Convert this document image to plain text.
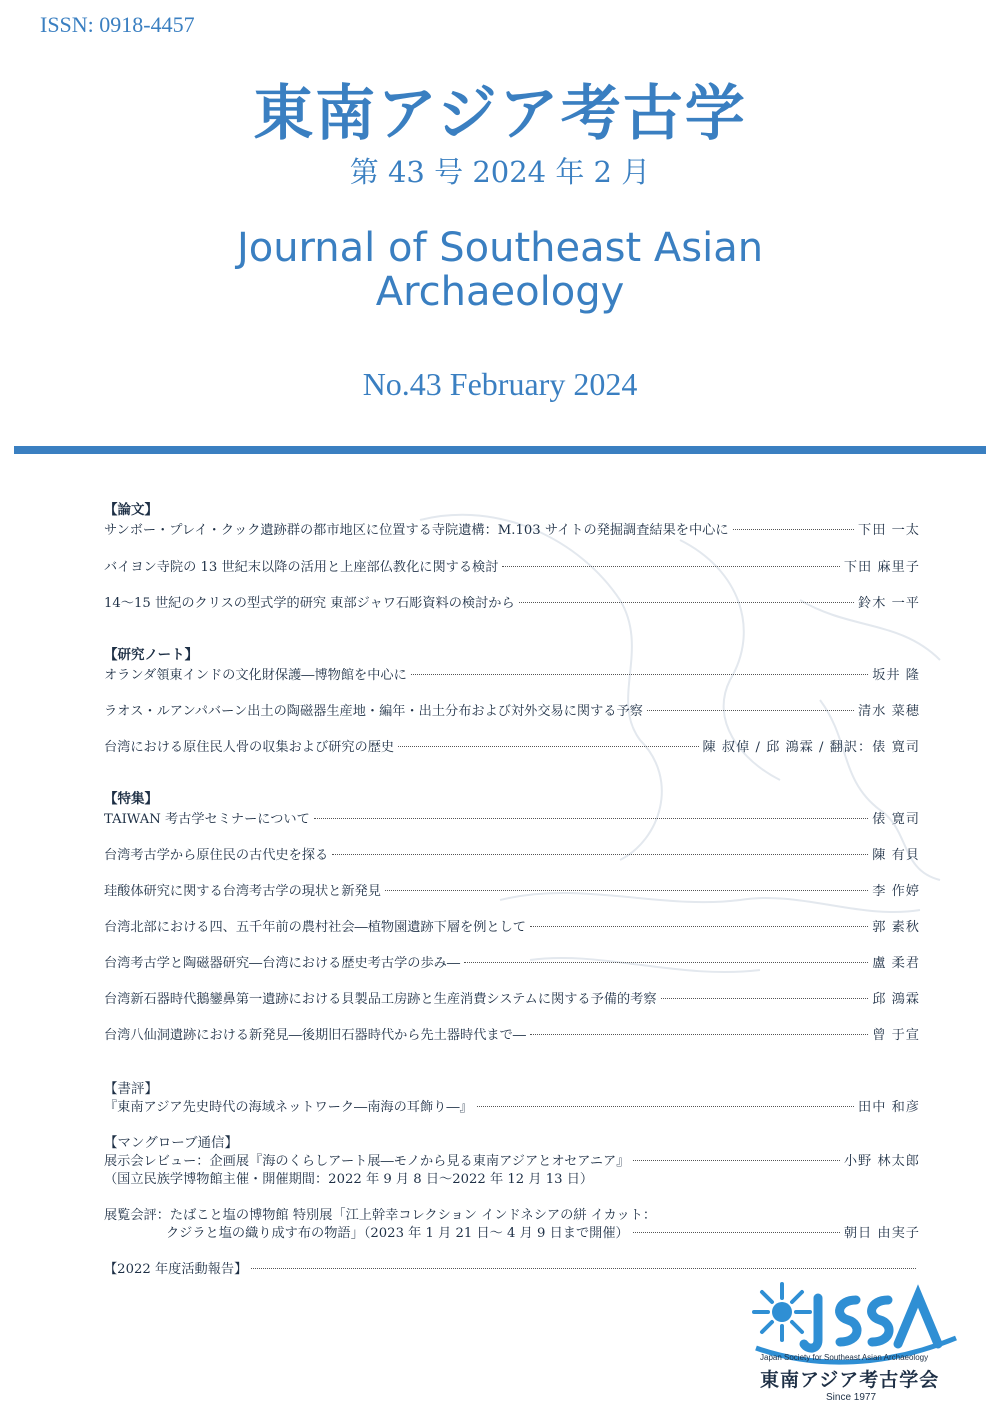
ISSN: 0918-4457
東南アジア考古学
第 43 号 2024 年 2 月
Journal of Southeast Asian
Archaeology
No.43 February 2024
【論文】
サンボー・プレイ・クック遺跡群の都市地区に位置する寺院遺構：M.103 サイトの発掘調査結果を中心に	下田 一太
バイヨン寺院の 13 世紀末以降の活用と上座部仏教化に関する検討	下田 麻里子
14～15 世紀のクリスの型式学的研究 東部ジャワ石彫資料の検討から	鈴木 一平
【研究ノート】
オランダ領東インドの文化財保護―博物館を中心に	坂井 隆
ラオス・ルアンパバーン出土の陶磁器生産地・編年・出土分布および対外交易に関する予察	清水 菜穂
台湾における原住民人骨の収集および研究の歴史	陳 叔倬 / 邱 鴻霖 / 翻訳：俵 寛司
【特集】
TAIWAN 考古学セミナーについて	俵 寛司
台湾考古学から原住民の古代史を探る	陳 有貝
珪酸体研究に関する台湾考古学の現状と新発見	李 作婷
台湾北部における四、五千年前の農村社会―植物園遺跡下層を例として	郭 素秋
台湾考古学と陶磁器研究―台湾における歴史考古学の歩み―	盧 柔君
台湾新石器時代鵝鑾鼻第一遺跡における貝製品工房跡と生産消費システムに関する予備的考察	邱 鴻霖
台湾八仙洞遺跡における新発見―後期旧石器時代から先土器時代まで―	曾 于宣
【書評】
『東南アジア先史時代の海域ネットワーク―南海の耳飾り―』	田中 和彦
【マングローブ通信】
展示会レビュー：企画展『海のくらしアート展―モノから見る東南アジアとオセアニア』	小野 林太郎
（国立民族学博物館主催・開催期間：2022 年 9 月 8 日～2022 年 12 月 13 日）
展覧会評：たばこと塩の博物館 特別展「江上幹幸コレクション インドネシアの絣 イカット：
クジラと塩の織り成す布の物語」（2023 年 1 月 21 日～ 4 月 9 日まで開催）	朝日 由実子
【2022 年度活動報告】
Japan Society for Southeast Asian Archaeology
東南アジア考古学会
Since 1977
